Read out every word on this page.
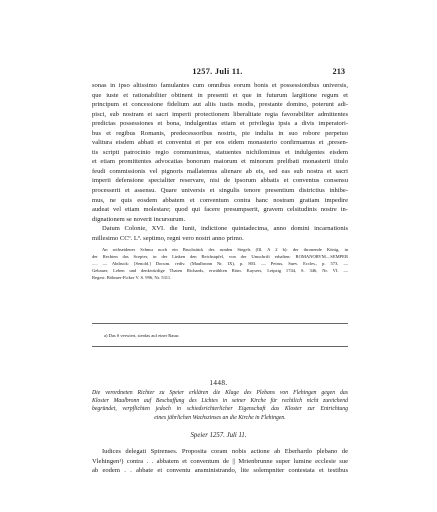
1257. Juli 11.	213
sonas in ipso altissimo famulantes cum omnibus eorum bonis et possessionibus universis,
que iuste et rationabiliter obtinent in presenti et que in futurum largitione regum et
principum et concessione fidelium aut aliis iustis modis, prestante domino, poterunt adi-
pisci, sub nostram et sacri imperii protectionem liberalitate regia favorabiliter admittentes
predictas possessiones et bona, indulgentias etiam et privilegia ipsis a divis imperatori-
bus et regibus Romanis, predecessoribus nostris, pie indulta in suo robore perpetuo
valitura eisdem abbati et conventui et per eos eidem monasterio confirmamus et ,presen-
tis scripti patrocinio regio communimus, statuentes nichilominus et indulgentes eisdem
et etiam promittentes advocatias bonorum maiorum et minorum prelibati monasterii titulo
feudi commissionis vel pignoris mallatemus alienare ab eis, sed eas sub nostra et sacri
imperii defensione specialiter reservare, nisi de ipsorum abbatis et conventus consensu
processerit et assensu. Quare universis et singulis tenore presentium districtius inhibe-
mus, ne quis eosdem abbatem et conventum contra hanc nostram gratiam impedire
audeat vel etiam molestare; quod qui facere presumpserit, gravem celsitudinis nostre in-
dignationem se noverit incursurum.
Datum Colonie, XVI. die Iunii, indictione quintadecima, anno domini incarnationis
millesimo CCº. Lº. septimo, regni vero nostri anno primo.
An rothseidener Schnur noch ein Bruchstück des runden Siegels (Ill. A 2 b): der thronende König, in
der Rechten das Scepter, in der Linken den Reichsapfel, von der Umschrift erhalten: ROMANORVM....SEMPER
..... — Abdruck: [Senold.] Docum. rediv. (Maulbronn Nr. IX), p. 803. — Petrus, Suev. Eccles., p. 573. —
Gebauer, Leben und denkwürdige Thaten Richards, erwählten Röm. Kaysers, Leipzig 1744, S. 346, Nr. VI. —
Regest: Böhmer-Ficker V. S. 996, Nr. 5311.
a) Das S verwiert, sierdas auf einer Rasur.
1448.
Die verordneten Richter zu Speier erklären die Klage des Plebans von Flehingen gegen das
Kloster Maulbronn auf Beschaffung des Lichtes in seiner Kirche für rechtlich nicht zureichend
begründet, verpflichten jedoch in schiedsrichterlicher Eigenschaft das Kloster zur Entrichtung
eines jährlichen Wachszinses an die Kirche in Flehingen.
Speier 1257. Juli 11.
Iudices delegati Spirenses. Proposita coram nobis actione ab Eberhardo plebano de
Vlehingen¹) contra . . abbatem et conventum de || Mrienbrunne super lumine ecclesie sue
ab eodem . . abbate et conventu ansministrando, lite solempniter contestata et testibus
